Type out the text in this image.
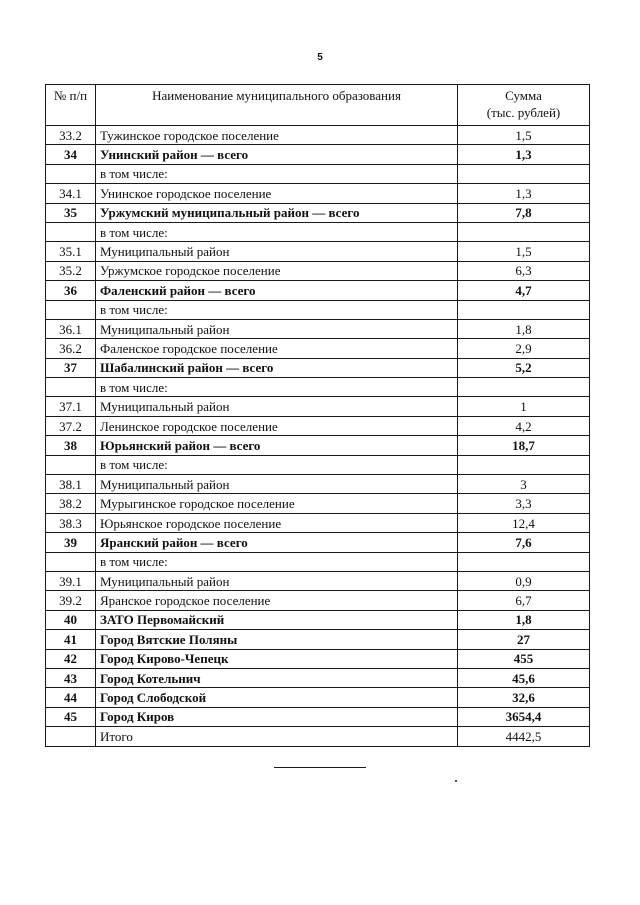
5
№ п/п	Наименование муниципального образования	Сумма
(тыс. рублей)

33.2	Тужинское городское поселение	1,5
34	Унинский район — всего	1,3
	в том числе:	
34.1	Унинское городское поселение	1,3
35	Уржумский муниципальный район — всего	7,8
	в том числе:	
35.1	Муниципальный район	1,5
35.2	Уржумское городское поселение	6,3
36	Фаленский район — всего	4,7
	в том числе:	
36.1	Муниципальный район	1,8
36.2	Фаленское городское поселение	2,9
37	Шабалинский район — всего	5,2
	в том числе:	
37.1	Муниципальный район	1
37.2	Ленинское городское поселение	4,2
38	Юрьянский район — всего	18,7
	в том числе:	
38.1	Муниципальный район	3
38.2	Мурыгинское городское поселение	3,3
38.3	Юрьянское городское поселение	12,4
39	Яранский район — всего	7,6
	в том числе:	
39.1	Муниципальный район	0,9
39.2	Яранское городское поселение	6,7
40	ЗАТО Первомайский	1,8
41	Город Вятские Поляны	27
42	Город Кирово-Чепецк	455
43	Город Котельнич	45,6
44	Город Слободской	32,6
45	Город Киров	3654,4
	Итого	4442,5
